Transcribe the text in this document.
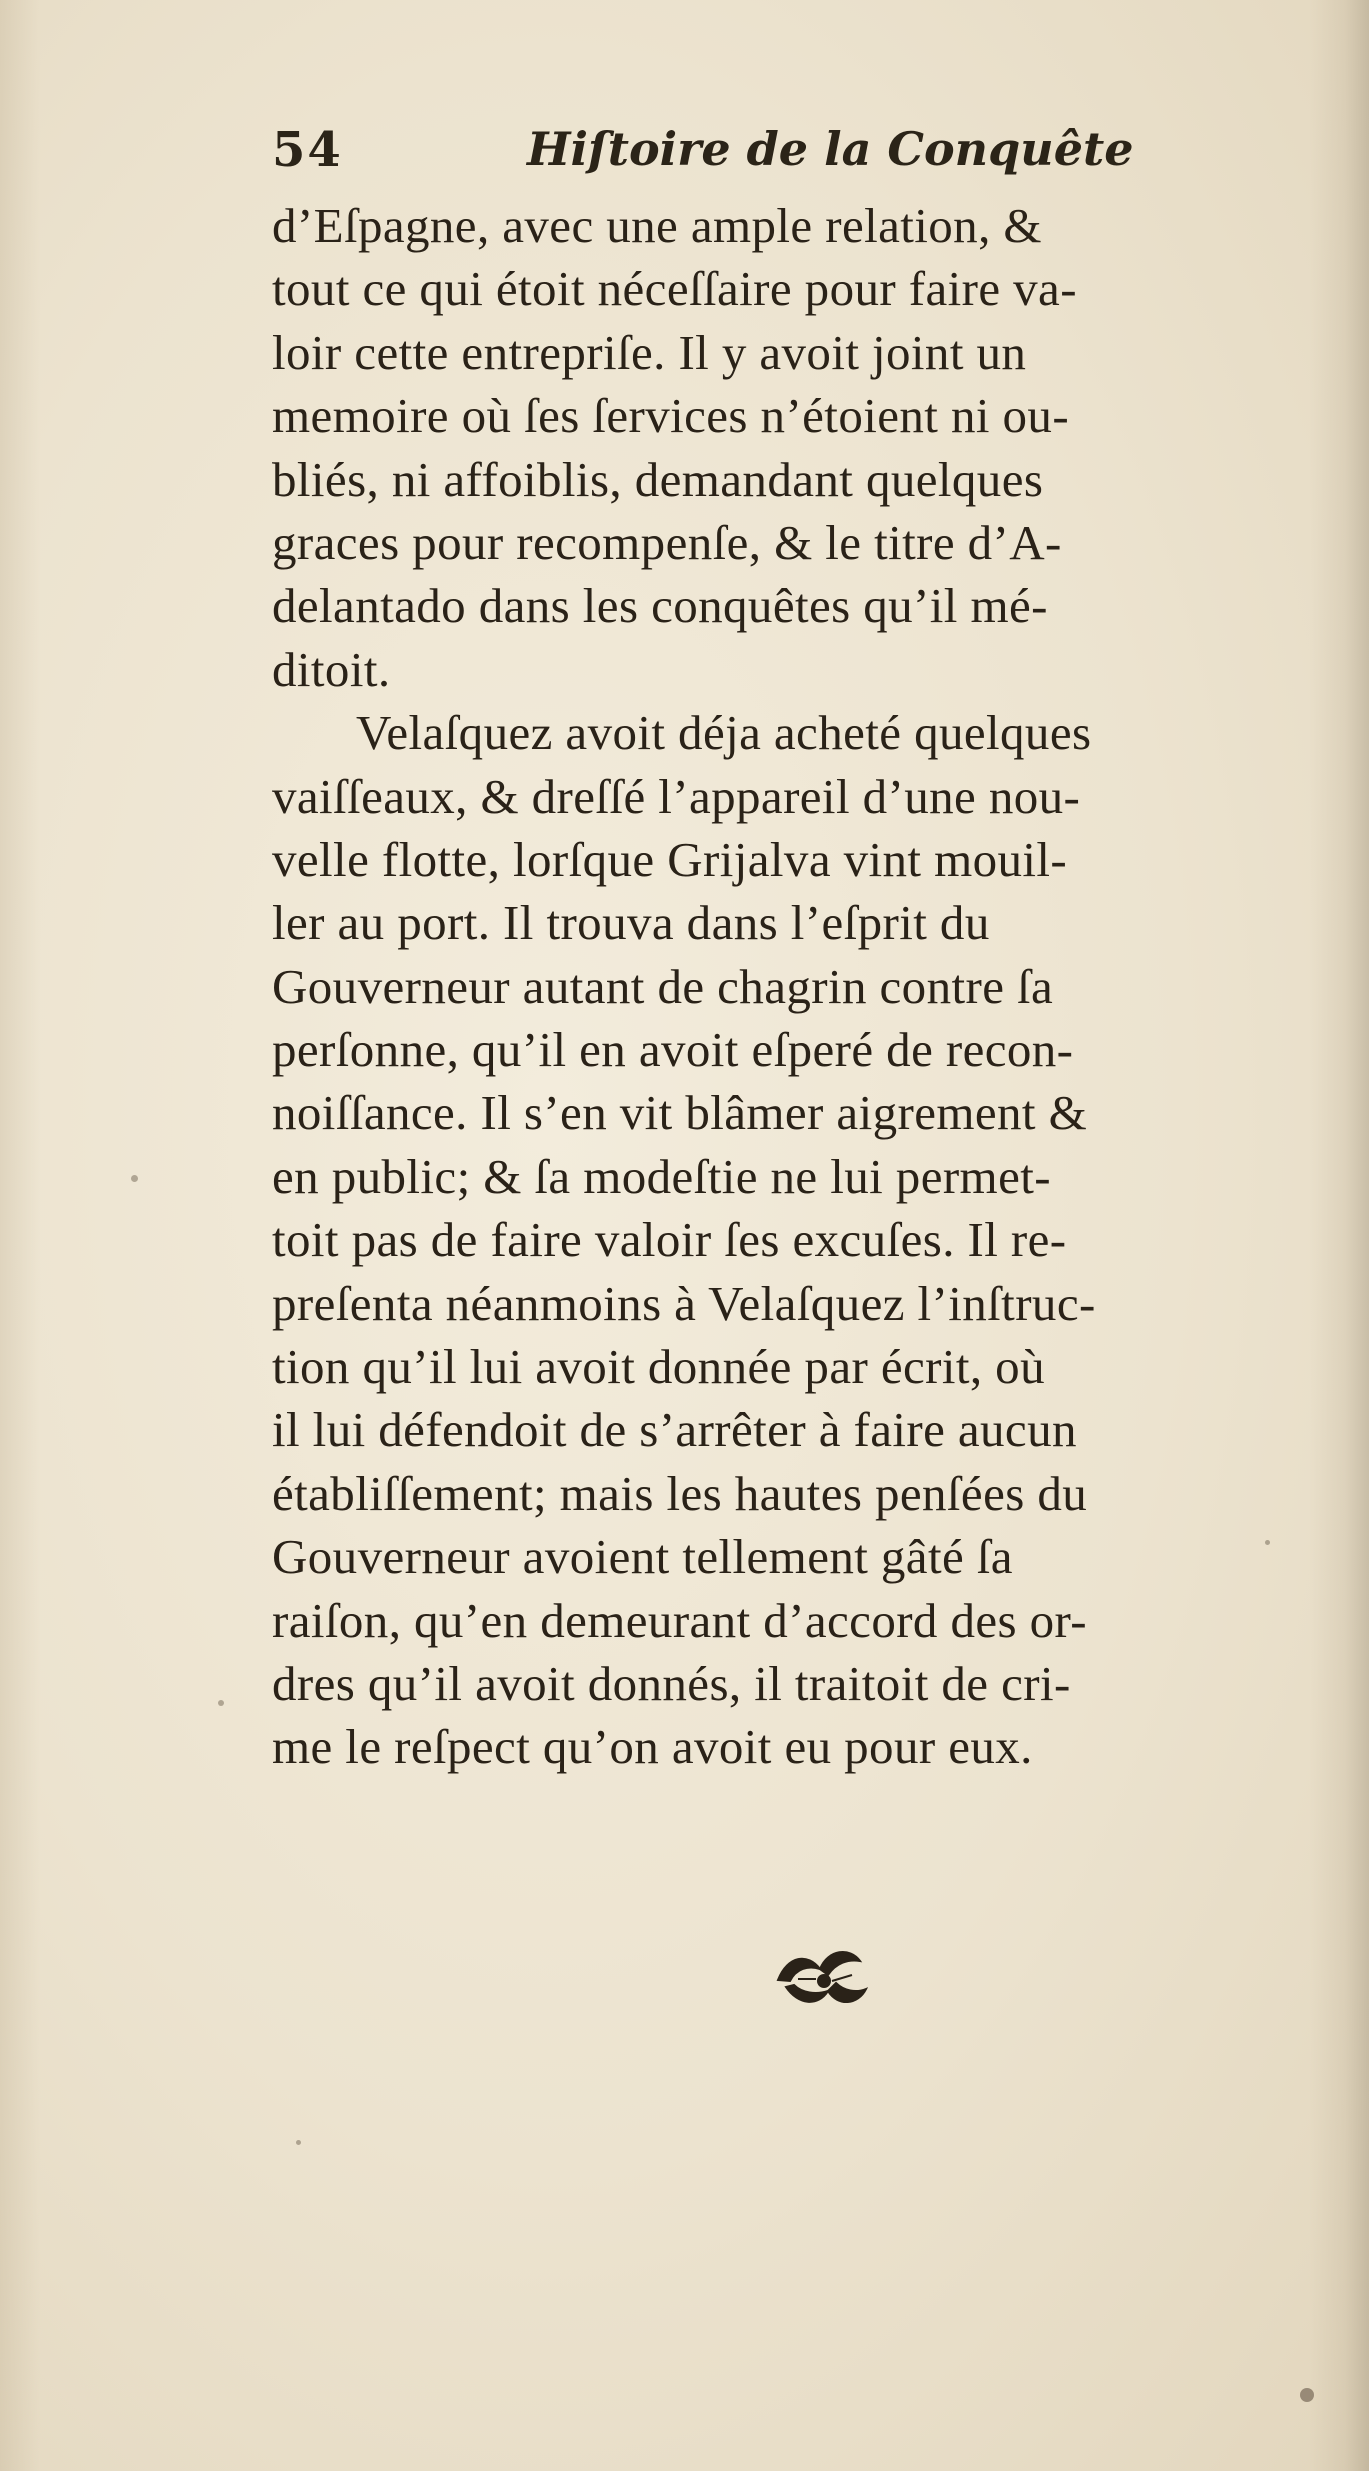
54	Hiſtoire de la Conquête
d’Eſpagne, avec une ample relation, &
tout ce qui étoit néceſſaire pour faire va-
loir cette entrepriſe. Il y avoit joint un
memoire où ſes ſervices n’étoient ni ou-
bliés, ni affoiblis, demandant quelques
graces pour recompenſe, & le titre d’A-
delantado dans les conquêtes qu’il mé-
ditoit.
Velaſquez avoit déja acheté quelques
vaiſſeaux, & dreſſé l’appareil d’une nou-
velle flotte, lorſque Grijalva vint mouil-
ler au port. Il trouva dans l’eſprit du
Gouverneur autant de chagrin contre ſa
perſonne, qu’il en avoit eſperé de recon-
noiſſance. Il s’en vit blâmer aigrement &
en public; & ſa modeſtie ne lui permet-
toit pas de faire valoir ſes excuſes. Il re-
preſenta néanmoins à Velaſquez l’inſtruc-
tion qu’il lui avoit donnée par écrit, où
il lui défendoit de s’arrêter à faire aucun
établiſſement; mais les hautes penſées du
Gouverneur avoient tellement gâté ſa
raiſon, qu’en demeurant d’accord des or-
dres qu’il avoit donnés, il traitoit de cri-
me le reſpect qu’on avoit eu pour eux.
